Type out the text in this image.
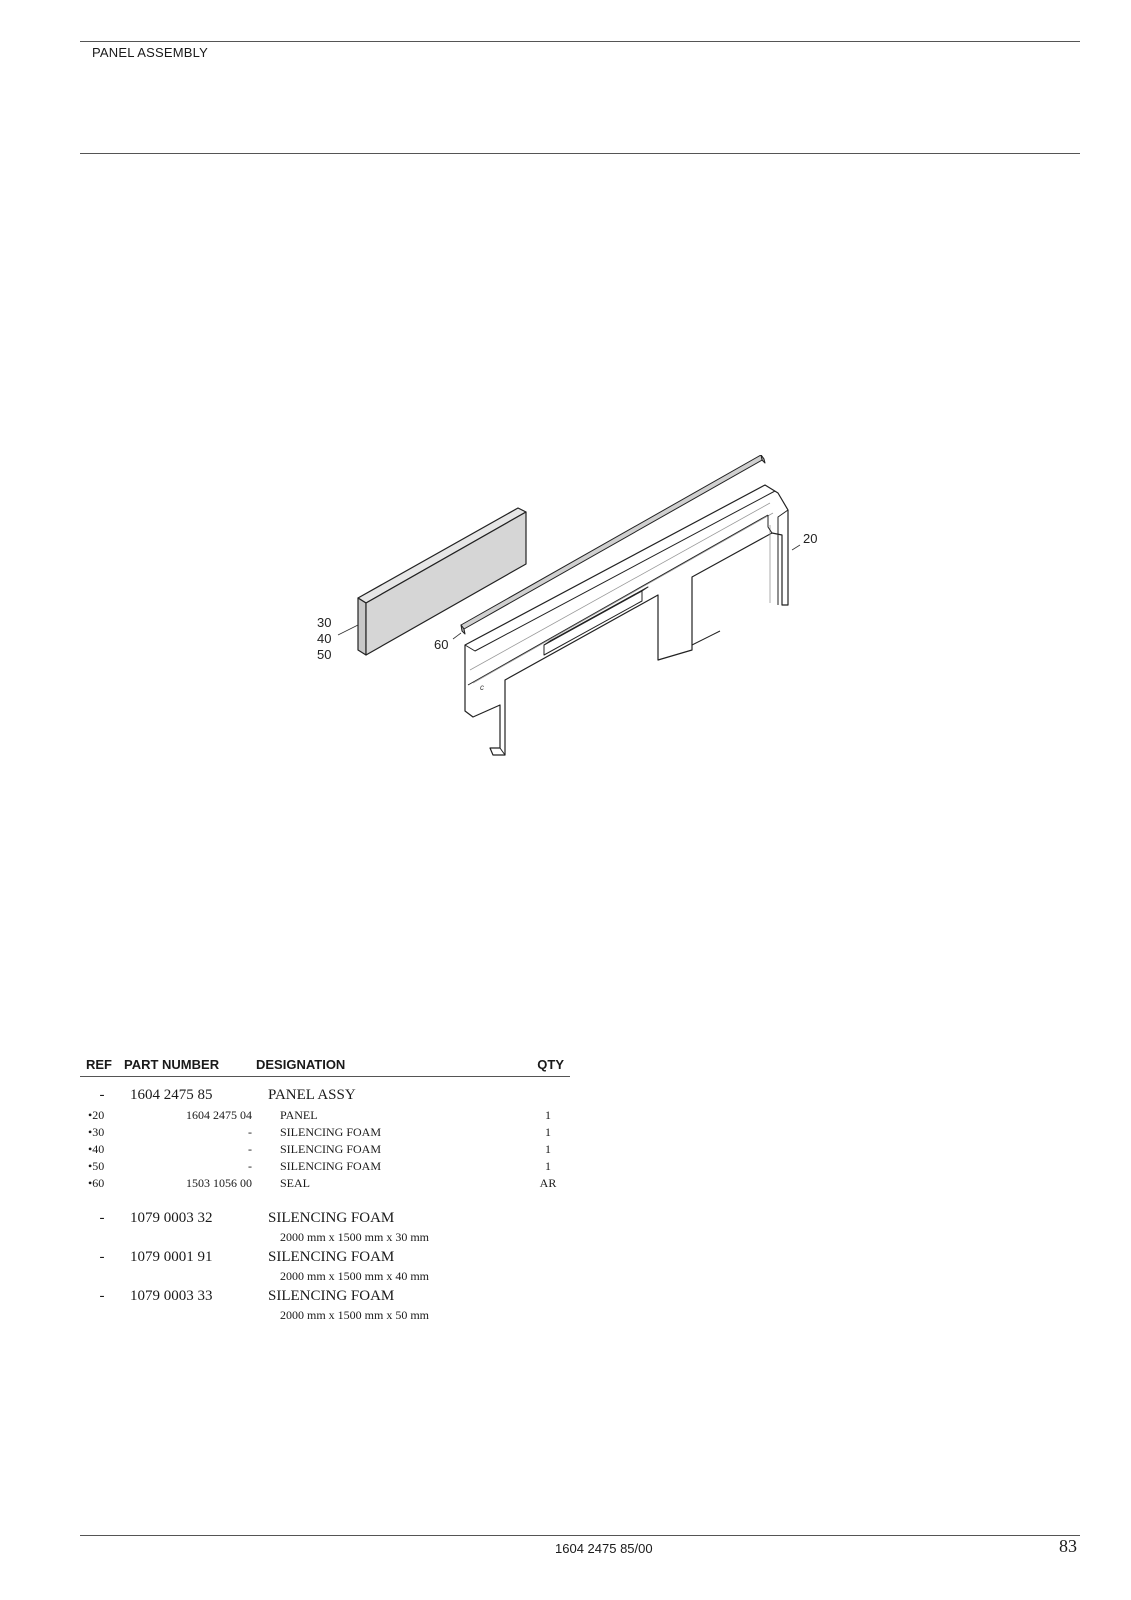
PANEL ASSEMBLY
c
20
30
40
50
60
REF	PART NUMBER	DESIGNATION	QTY
-	1604 2475 85	PANEL ASSY	
•20	1604 2475 04	PANEL	1
•30	-	SILENCING FOAM	1
•40	-	SILENCING FOAM	1
•50	-	SILENCING FOAM	1
•60	1503 1056 00	SEAL	AR

-	1079 0003 32	SILENCING FOAM	
		2000 mm x 1500 mm x 30 mm	
-	1079 0001 91	SILENCING FOAM	
		2000 mm x 1500 mm x 40 mm	
-	1079 0003 33	SILENCING FOAM	
		2000 mm x 1500 mm x 50 mm	
1604 2475 85/00	83
